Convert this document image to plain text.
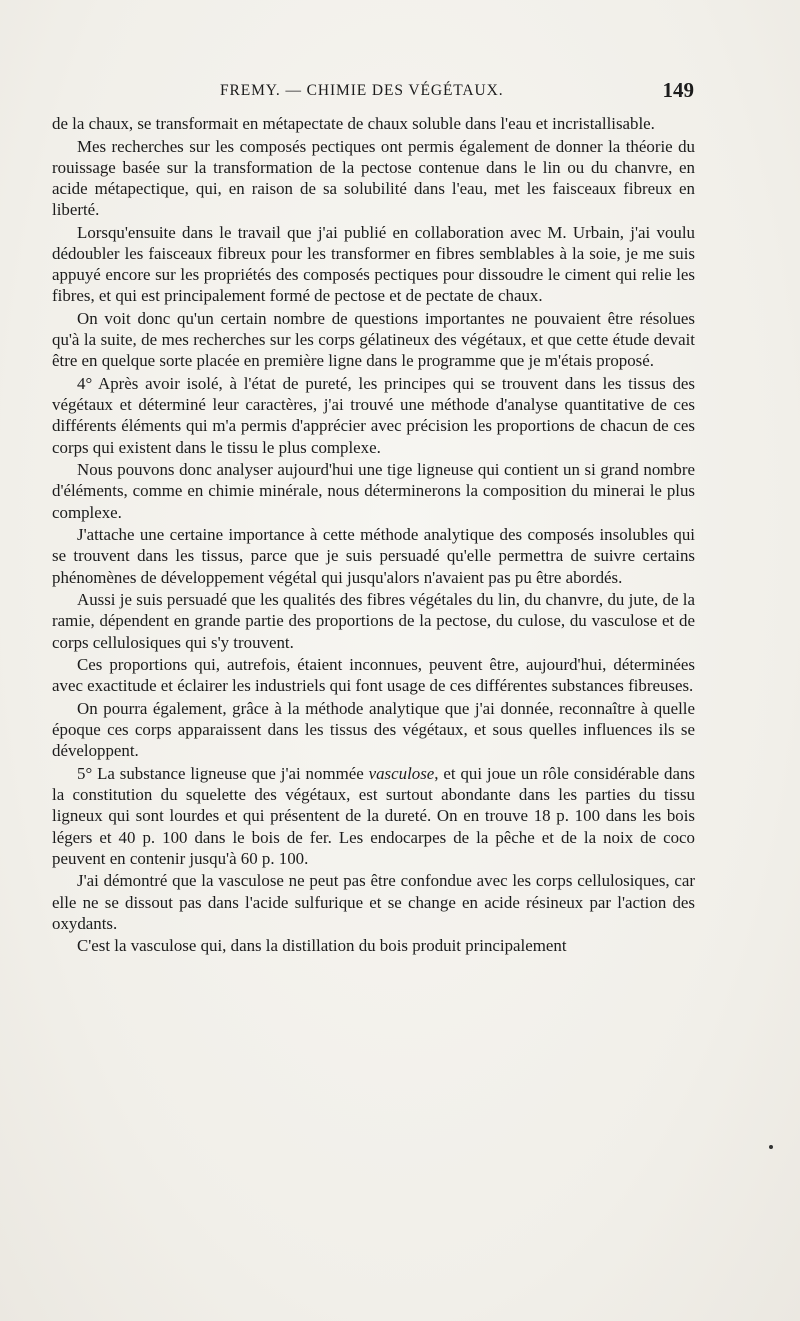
FREMY. — CHIMIE DES VÉGÉTAUX.	149

de la chaux, se transformait en métapectate de chaux soluble dans l'eau et incristallisable.

Mes recherches sur les composés pectiques ont permis également de donner la théorie du rouissage basée sur la transformation de la pectose contenue dans le lin ou du chanvre, en acide métapectique, qui, en raison de sa solubilité dans l'eau, met les faisceaux fibreux en liberté.

Lorsqu'ensuite dans le travail que j'ai publié en collaboration avec M. Urbain, j'ai voulu dédoubler les faisceaux fibreux pour les transformer en fibres semblables à la soie, je me suis appuyé encore sur les propriétés des composés pectiques pour dissoudre le ciment qui relie les fibres, et qui est principalement formé de pectose et de pectate de chaux.

On voit donc qu'un certain nombre de questions importantes ne pouvaient être résolues qu'à la suite, de mes recherches sur les corps gélatineux des végétaux, et que cette étude devait être en quelque sorte placée en première ligne dans le programme que je m'étais proposé.

4° Après avoir isolé, à l'état de pureté, les principes qui se trouvent dans les tissus des végétaux et déterminé leur caractères, j'ai trouvé une méthode d'analyse quantitative de ces différents éléments qui m'a permis d'apprécier avec précision les proportions de chacun de ces corps qui existent dans le tissu le plus complexe.

Nous pouvons donc analyser aujourd'hui une tige ligneuse qui contient un si grand nombre d'éléments, comme en chimie minérale, nous déterminerons la composition du minerai le plus complexe.

J'attache une certaine importance à cette méthode analytique des composés insolubles qui se trouvent dans les tissus, parce que je suis persuadé qu'elle permettra de suivre certains phénomènes de développement végétal qui jusqu'alors n'avaient pas pu être abordés.

Aussi je suis persuadé que les qualités des fibres végétales du lin, du chanvre, du jute, de la ramie, dépendent en grande partie des proportions de la pectose, du culose, du vasculose et de corps cellulosiques qui s'y trouvent.

Ces proportions qui, autrefois, étaient inconnues, peuvent être, aujourd'hui, déterminées avec exactitude et éclairer les industriels qui font usage de ces différentes substances fibreuses.

On pourra également, grâce à la méthode analytique que j'ai donnée, reconnaître à quelle époque ces corps apparaissent dans les tissus des végétaux, et sous quelles influences ils se développent.

5° La substance ligneuse que j'ai nommée vasculose, et qui joue un rôle considérable dans la constitution du squelette des végétaux, est surtout abondante dans les parties du tissu ligneux qui sont lourdes et qui présentent de la dureté. On en trouve 18 p. 100 dans les bois légers et 40 p. 100 dans le bois de fer. Les endocarpes de la pêche et de la noix de coco peuvent en contenir jusqu'à 60 p. 100.

J'ai démontré que la vasculose ne peut pas être confondue avec les corps cellulosiques, car elle ne se dissout pas dans l'acide sulfurique et se change en acide résineux par l'action des oxydants.

C'est la vasculose qui, dans la distillation du bois produit principalement
